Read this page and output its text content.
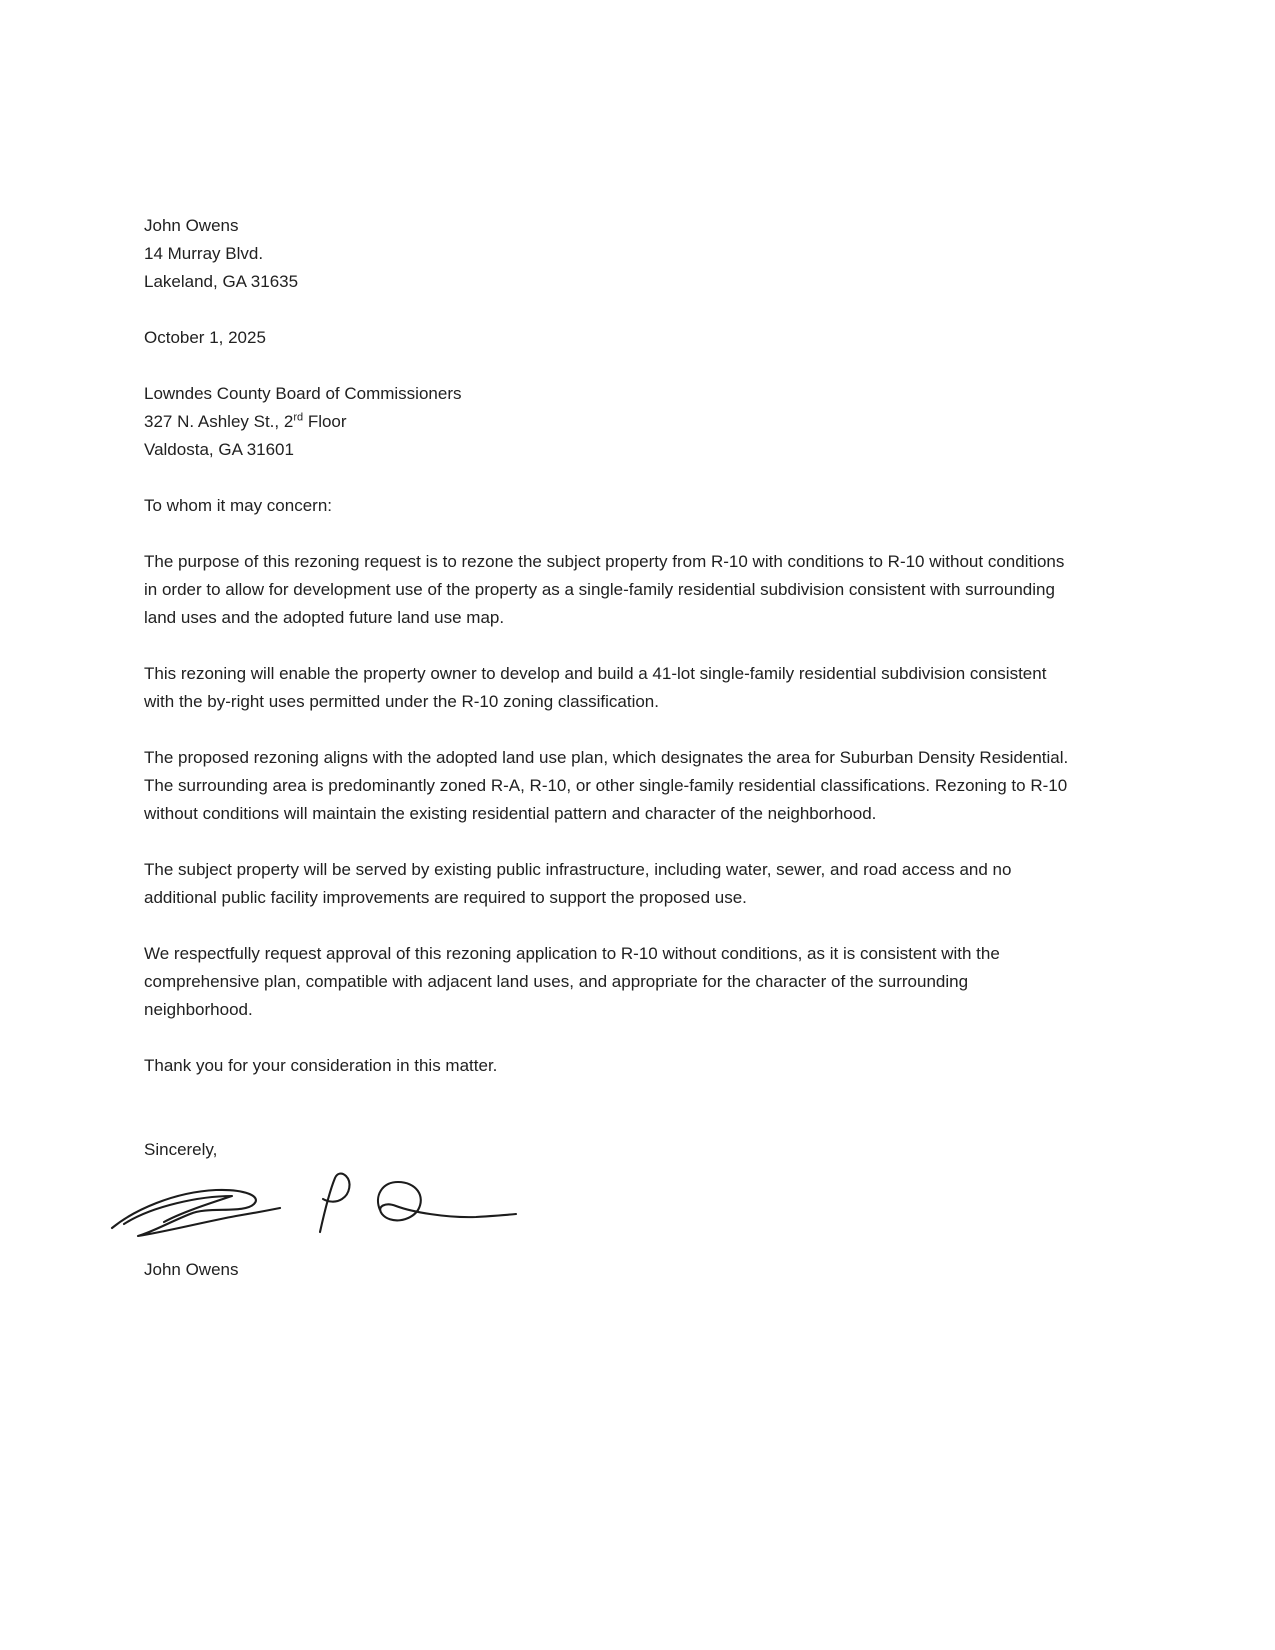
John Owens
14 Murray Blvd.
Lakeland, GA 31635
October 1, 2025
Lowndes County Board of Commissioners
327 N. Ashley St., 2rd Floor
Valdosta, GA 31601
To whom it may concern:

The purpose of this rezoning request is to rezone the subject property from R-10 with conditions to R-10 without conditions in order to allow for development use of the property as a single-family residential subdivision consistent with surrounding land uses and the adopted future land use map.

This rezoning will enable the property owner to develop and build a 41-lot single-family residential subdivision consistent with the by-right uses permitted under the R-10 zoning classification.

The proposed rezoning aligns with the adopted land use plan, which designates the area for Suburban Density Residential. The surrounding area is predominantly zoned R-A, R-10, or other single-family residential classifications. Rezoning to R-10 without conditions will maintain the existing residential pattern and character of the neighborhood.

The subject property will be served by existing public infrastructure, including water, sewer, and road access and no additional public facility improvements are required to support the proposed use.

We respectfully request approval of this rezoning application to R-10 without conditions, as it is consistent with the comprehensive plan, compatible with adjacent land uses, and appropriate for the character of the surrounding neighborhood.

Thank you for your consideration in this matter.

Sincerely,
John Owens
